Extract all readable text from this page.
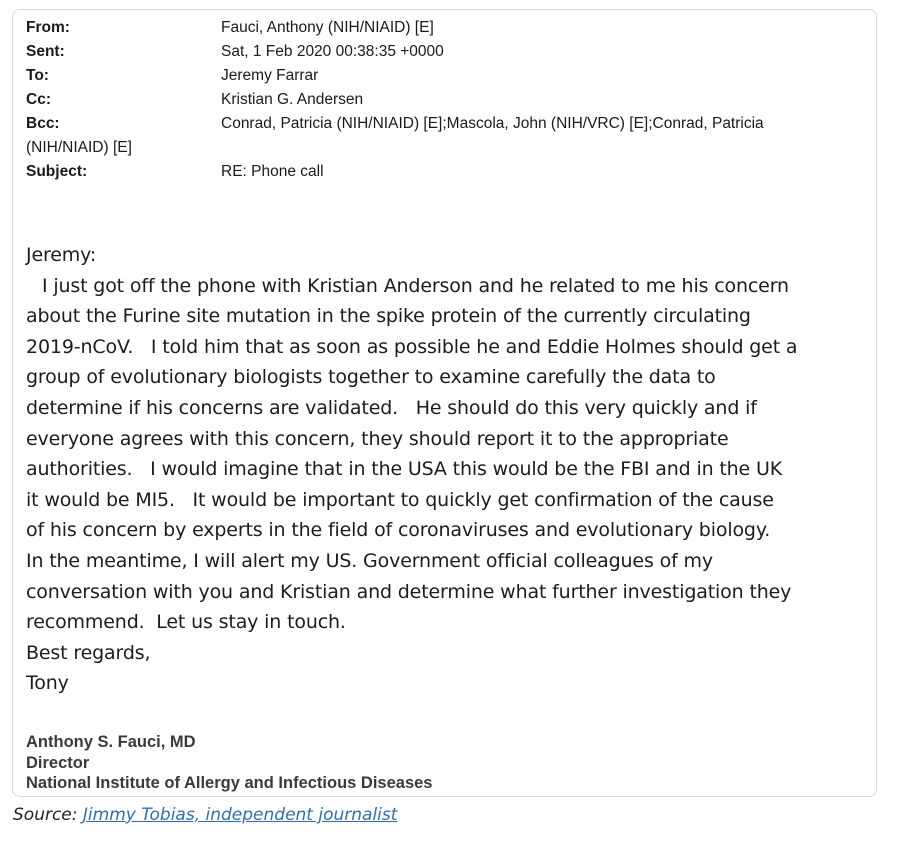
From:	Fauci, Anthony (NIH/NIAID) [E]
Sent:	Sat, 1 Feb 2020 00:38:35 +0000
To:	Jeremy Farrar
Cc:	Kristian G. Andersen
Bcc:	Conrad, Patricia (NIH/NIAID) [E];Mascola, John (NIH/VRC) [E];Conrad, Patricia
(NIH/NIAID) [E]
Subject:	RE: Phone call
Jeremy:
I just got off the phone with Kristian Anderson and he related to me his concern
about the Furine site mutation in the spike protein of the currently circulating
2019-nCoV.   I told him that as soon as possible he and Eddie Holmes should get a
group of evolutionary biologists together to examine carefully the data to
determine if his concerns are validated.   He should do this very quickly and if
everyone agrees with this concern, they should report it to the appropriate
authorities.   I would imagine that in the USA this would be the FBI and in the UK
it would be MI5.   It would be important to quickly get confirmation of the cause
of his concern by experts in the field of coronaviruses and evolutionary biology.
In the meantime, I will alert my US. Government official colleagues of my
conversation with you and Kristian and determine what further investigation they
recommend.  Let us stay in touch.
Best regards,
Tony
Anthony S. Fauci, MD
Director
National Institute of Allergy and Infectious Diseases
Source: Jimmy Tobias, independent journalist
